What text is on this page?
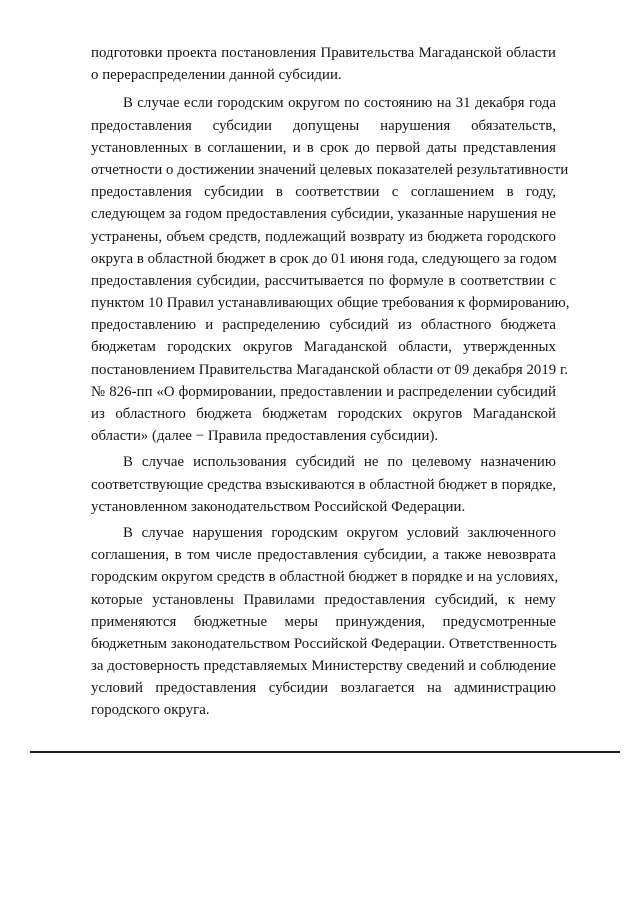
подготовки проекта постановления Правительства Магаданской области
о перераспределении данной субсидии.
В случае если городским округом по состоянию на 31 декабря года
предоставления субсидии допущены нарушения обязательств,
установленных в соглашении, и в срок до первой даты представления
отчетности о достижении значений целевых показателей результативности
предоставления субсидии в соответствии с соглашением в году,
следующем за годом предоставления субсидии, указанные нарушения не
устранены, объем средств, подлежащий возврату из бюджета городского
округа в областной бюджет в срок до 01 июня года, следующего за годом
предоставления субсидии, рассчитывается по формуле в соответствии с
пунктом 10 Правил устанавливающих общие требования к формированию,
предоставлению и распределению субсидий из областного бюджета
бюджетам городских округов Магаданской области, утвержденных
постановлением Правительства Магаданской области от 09 декабря 2019 г.
№ 826-пп «О формировании, предоставлении и распределении субсидий
из областного бюджета бюджетам городских округов Магаданской
области» (далее − Правила предоставления субсидии).
В случае использования субсидий не по целевому назначению
соответствующие средства взыскиваются в областной бюджет в порядке,
установленном законодательством Российской Федерации.
В случае нарушения городским округом условий заключенного
соглашения, в том числе предоставления субсидии, а также невозврата
городским округом средств в областной бюджет в порядке и на условиях,
которые установлены Правилами предоставления субсидий, к нему
применяются бюджетные меры принуждения, предусмотренные
бюджетным законодательством Российской Федерации. Ответственность
за достоверность представляемых Министерству сведений и соблюдение
условий предоставления субсидии возлагается на администрацию
городского округа.
